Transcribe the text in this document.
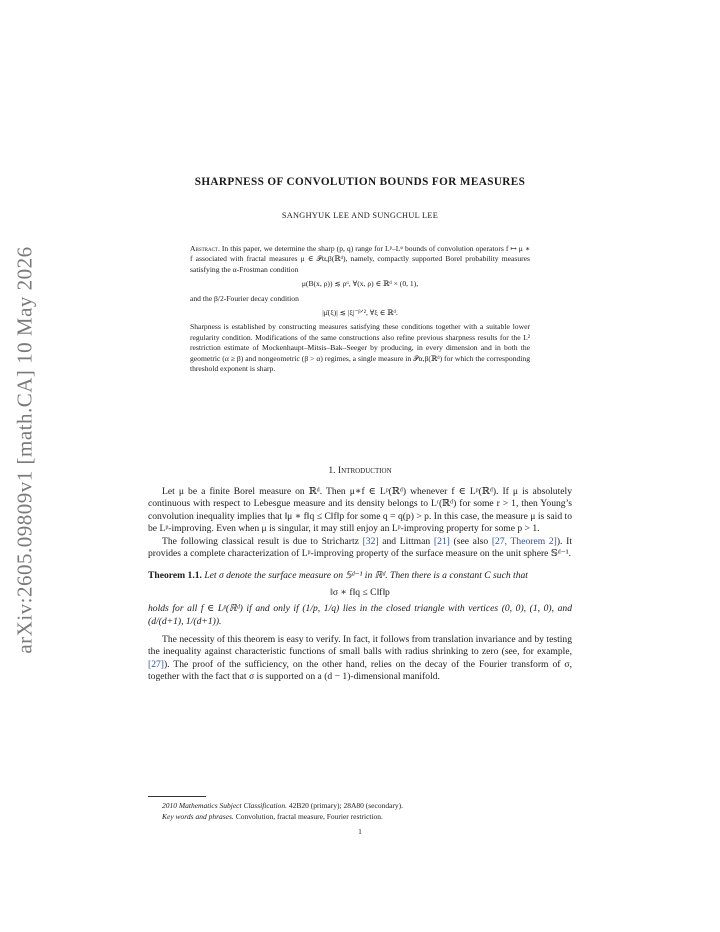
arXiv:2605.09809v1 [math.CA] 10 May 2026
SHARPNESS OF CONVOLUTION BOUNDS FOR MEASURES
SANGHYUK LEE AND SUNGCHUL LEE

Abstract. In this paper, we determine the sharp (p, q) range for Lᵖ–Lᵠ bounds of convolution operators f ↦ μ ∗ f associated with fractal measures μ ∈ 𝒫α,β(ℝᵈ), namely, compactly supported Borel probability measures satisfying the α-Frostman condition

μ(B(x, ρ)) ≲ ρᵅ, ∀(x, ρ) ∈ ℝᵈ × (0, 1),

and the β/2-Fourier decay condition

|μ̂(ξ)| ≲ |ξ|⁻ᵝᐟ², ∀ξ ∈ ℝᵈ.

Sharpness is established by constructing measures satisfying these conditions together with a suitable lower regularity condition. Modifications of the same constructions also refine previous sharpness results for the L² restriction estimate of Mockenhaupt–Mitsis–Bak–Seeger by producing, in every dimension and in both the geometric (α ≥ β) and nongeometric (β > α) regimes, a single measure in 𝒫α,β(ℝᵈ) for which the corresponding threshold exponent is sharp.

1. Introduction

Let μ be a finite Borel measure on ℝᵈ. Then μ∗f ∈ Lᵖ(ℝᵈ) whenever f ∈ Lᵖ(ℝᵈ). If μ is absolutely continuous with respect to Lebesgue measure and its density belongs to Lʳ(ℝᵈ) for some r > 1, then Young’s convolution inequality implies that ‖μ ∗ f‖q ≤ C‖f‖p for some q = q(p) > p. In this case, the measure μ is said to be Lᵖ-improving. Even when μ is singular, it may still enjoy an Lᵖ-improving property for some p > 1.

The following classical result is due to Strichartz [32] and Littman [21] (see also [27, Theorem 2]). It provides a complete characterization of Lᵖ-improving property of the surface measure on the unit sphere 𝕊ᵈ⁻¹.

Theorem 1.1. Let σ denote the surface measure on 𝕊ᵈ⁻¹ in ℝᵈ. Then there is a constant C such that

‖σ ∗ f‖q ≤ C‖f‖p

holds for all f ∈ Lᵖ(ℝᵈ) if and only if (1/p, 1/q) lies in the closed triangle with vertices (0, 0), (1, 0), and (d/(d+1), 1/(d+1)).

The necessity of this theorem is easy to verify. In fact, it follows from translation invariance and by testing the inequality against characteristic functions of small balls with radius shrinking to zero (see, for example, [27]). The proof of the sufficiency, on the other hand, relies on the decay of the Fourier transform of σ, together with the fact that σ is supported on a (d − 1)-dimensional manifold.

2010 Mathematics Subject Classification. 42B20 (primary); 28A80 (secondary).

Key words and phrases. Convolution, fractal measure, Fourier restriction.

1
